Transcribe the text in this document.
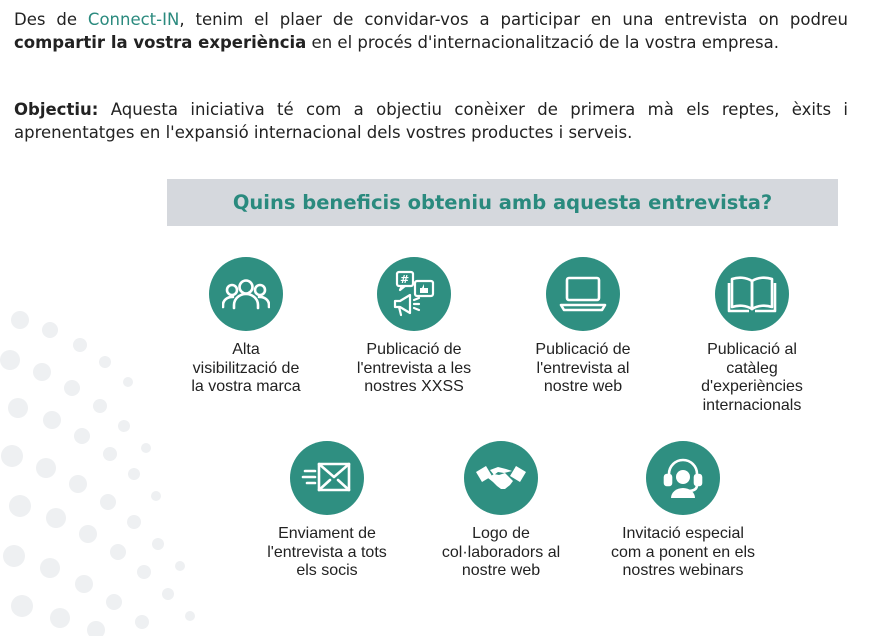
Des de Connect-IN, tenim el plaer de convidar-vos a participar en una entrevista on podreu compartir la vostra experiència en el procés d'internacionalització de la vostra empresa.

Objectiu: Aquesta iniciativa té com a objectiu conèixer de primera mà els reptes, èxits i aprenentatges en l'expansió internacional dels vostres productes i serveis.

Quins beneficis obteniu amb aquesta entrevista?
Alta
visibilització de
la vostra marca
#
Publicació de
l'entrevista a les
nostres XXSS
Publicació de
l'entrevista al
nostre web
Publicació al
catàleg
d'experiències
internacionals
Enviament de
l'entrevista a tots
els socis
Logo de
col·laboradors al
nostre web
Invitació especial
com a ponent en els
nostres webinars
